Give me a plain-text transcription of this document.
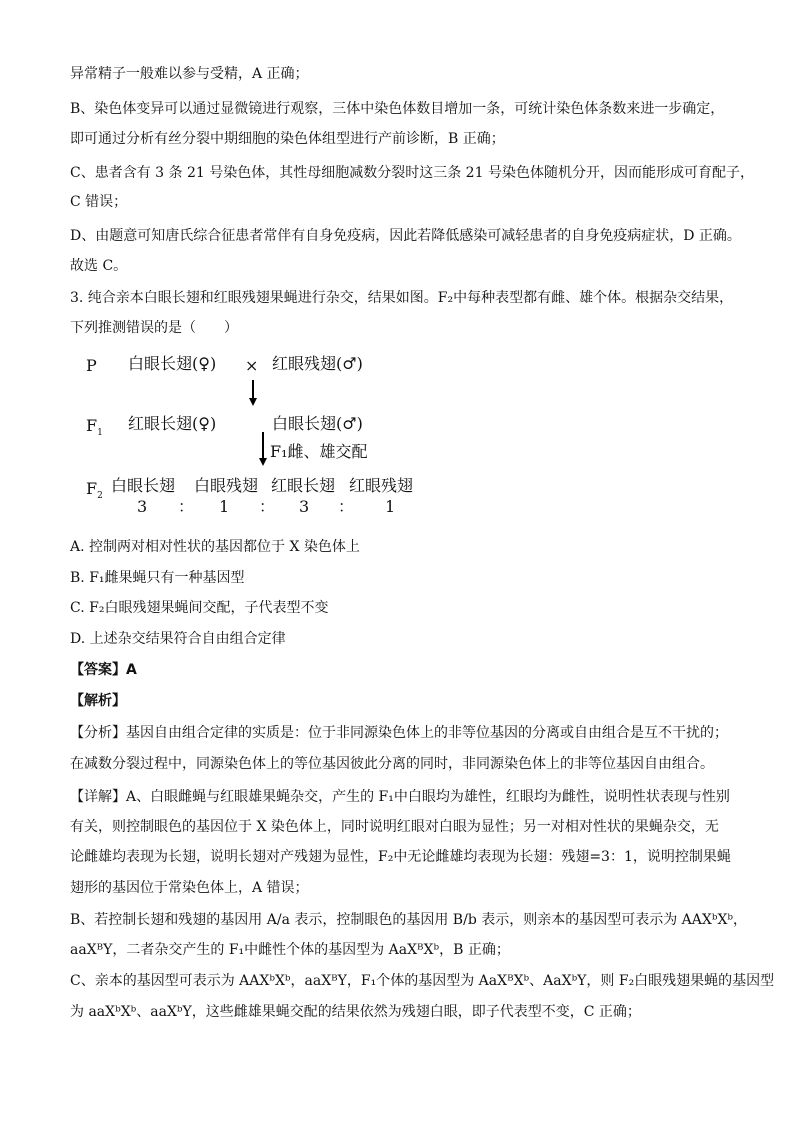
异常精子一般难以参与受精，A 正确；
B、染色体变异可以通过显微镜进行观察，三体中染色体数目增加一条，可统计染色体条数来进一步确定，
即可通过分析有丝分裂中期细胞的染色体组型进行产前诊断，B 正确；
C、患者含有 3 条 21 号染色体，其性母细胞减数分裂时这三条 21 号染色体随机分开，因而能形成可育配子，
C 错误；
D、由题意可知唐氏综合征患者常伴有自身免疫病，因此若降低感染可减轻患者的自身免疫病症状，D 正确。
故选 C。
3. 纯合亲本白眼长翅和红眼残翅果蝇进行杂交，结果如图。F₂中每种表型都有雌、雄个体。根据杂交结果，
下列推测错误的是（　　）
P 白眼长翅(♀) × 红眼残翅(♂)
$F_1$
红眼长翅(♀)	白眼长翅(♂)
F₁雌、雄交配
$F_2$
白眼长翅 白眼残翅 红眼长翅 红眼残翅
3 ： 1 ： 3 ： 1
A. 控制两对相对性状的基因都位于 X 染色体上
B. F₁雌果蝇只有一种基因型
C. F₂白眼残翅果蝇间交配，子代表型不变
D. 上述杂交结果符合自由组合定律
【答案】A
【解析】
【分析】基因自由组合定律的实质是：位于非同源染色体上的非等位基因的分离或自由组合是互不干扰的；
在减数分裂过程中，同源染色体上的等位基因彼此分离的同时，非同源染色体上的非等位基因自由组合。
【详解】A、白眼雌蝇与红眼雄果蝇杂交，产生的 F₁中白眼均为雄性，红眼均为雌性，说明性状表现与性别
有关，则控制眼色的基因位于 X 染色体上，同时说明红眼对白眼为显性；另一对相对性状的果蝇杂交，无
论雌雄均表现为长翅，说明长翅对产残翅为显性，F₂中无论雌雄均表现为长翅：残翅=3：1，说明控制果蝇
翅形的基因位于常染色体上，A 错误；
B、若控制长翅和残翅的基因用 A/a 表示，控制眼色的基因用 B/b 表示，则亲本的基因型可表示为 AAXᵇXᵇ，
aaXᴮY，二者杂交产生的 F₁中雌性个体的基因型为 AaXᴮXᵇ，B 正确；
C、亲本的基因型可表示为 AAXᵇXᵇ，aaXᴮY，F₁个体的基因型为 AaXᴮXᵇ、AaXᵇY，则 F₂白眼残翅果蝇的基因型
为 aaXᵇXᵇ、aaXᵇY，这些雌雄果蝇交配的结果依然为残翅白眼，即子代表型不变，C 正确；
